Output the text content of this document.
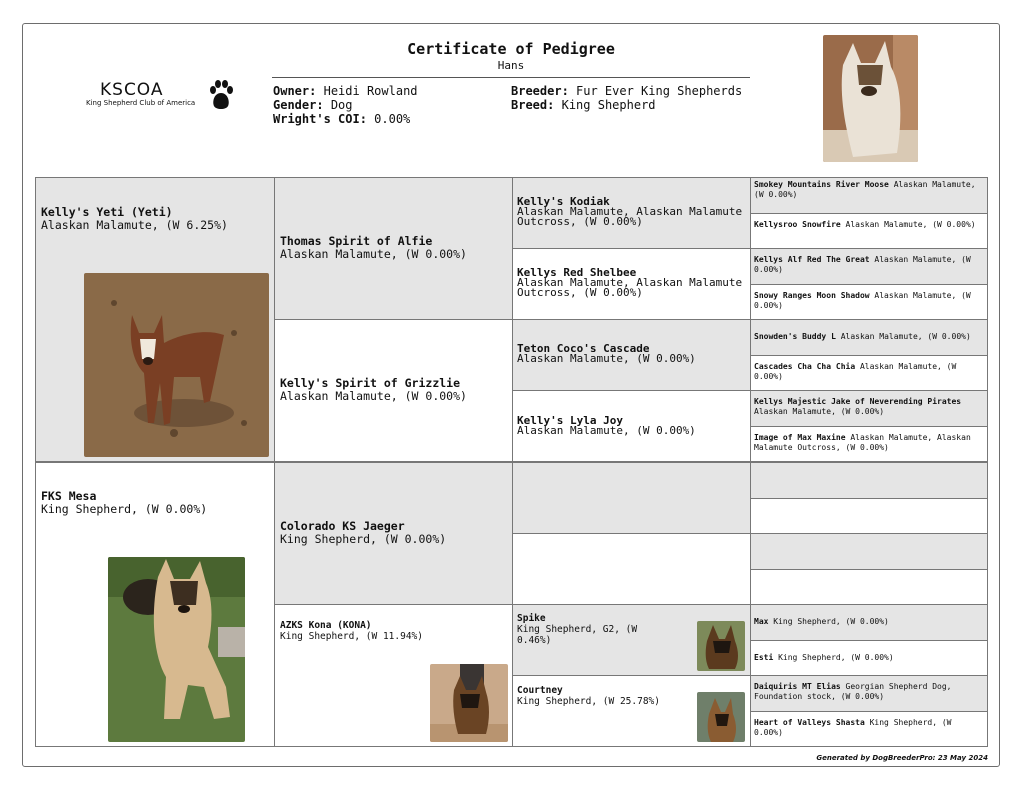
KSCOA
King Shepherd Club of America
Certificate of Pedigree
Hans
Owner: Heidi Rowland
Gender: Dog
Wright's COI: 0.00%
Breeder: Fur Ever King Shepherds
Breed: King Shepherd
Kelly's Yeti (Yeti)
Alaskan Malamute, (W 6.25%)
FKS Mesa
King Shepherd, (W 0.00%)
Thomas Spirit of Alfie
Alaskan Malamute, (W 0.00%)
Kelly's Spirit of Grizzlie
Alaskan Malamute, (W 0.00%)
Colorado KS Jaeger
King Shepherd, (W 0.00%)
AZKS Kona (KONA)
King Shepherd, (W 11.94%)
Kelly's Kodiak
Alaskan Malamute, Alaskan Malamute Outcross, (W 0.00%)
Kellys Red Shelbee
Alaskan Malamute, Alaskan Malamute Outcross, (W 0.00%)
Teton Coco's Cascade
Alaskan Malamute, (W 0.00%)
Kelly's Lyla Joy
Alaskan Malamute, (W 0.00%)
Spike
King Shepherd, G2, (W 0.46%)
Courtney
King Shepherd, (W 25.78%)
Smokey Mountains River Moose Alaskan Malamute, (W 0.00%)
Kellysroo Snowfire Alaskan Malamute, (W 0.00%)
Kellys Alf Red The Great Alaskan Malamute, (W 0.00%)
Snowy Ranges Moon Shadow Alaskan Malamute, (W 0.00%)
Snowden's Buddy L Alaskan Malamute, (W 0.00%)
Cascades Cha Cha Chia Alaskan Malamute, (W 0.00%)
Kellys Majestic Jake of Neverending Pirates Alaskan Malamute, (W 0.00%)
Image of Max Maxine Alaskan Malamute, Alaskan Malamute Outcross, (W 0.00%)
Max King Shepherd, (W 0.00%)
Esti King Shepherd, (W 0.00%)
Daiquiris MT Elias Georgian Shepherd Dog, Foundation stock, (W 0.00%)
Heart of Valleys Shasta King Shepherd, (W 0.00%)
Generated by DogBreederPro: 23 May 2024
